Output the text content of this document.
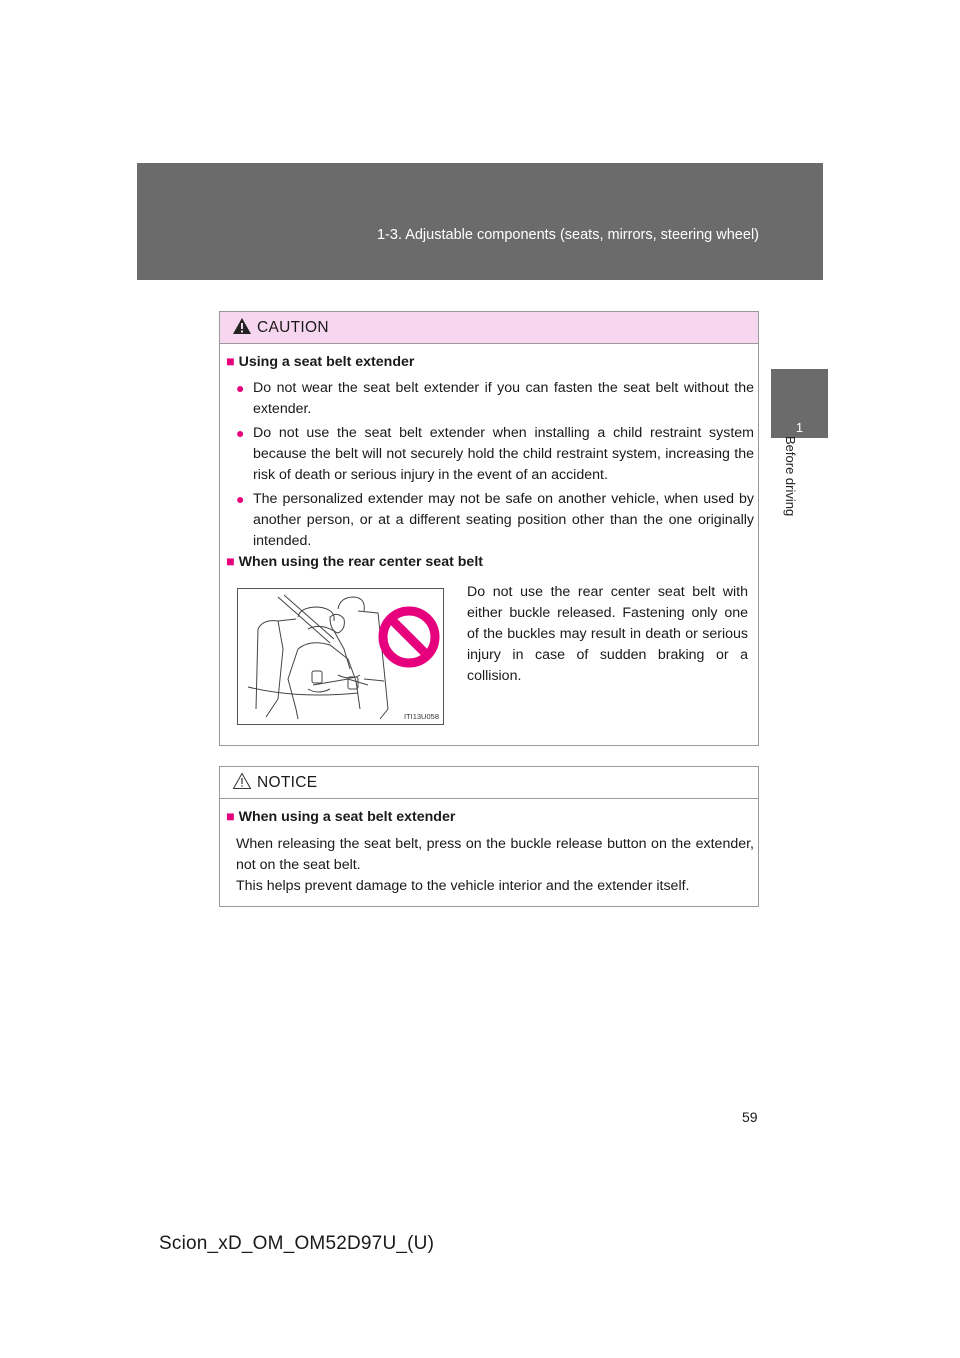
1-3. Adjustable components (seats, mirrors, steering wheel)
1
Before driving
CAUTION
■ Using a seat belt extender
● Do not wear the seat belt extender if you can fasten the seat belt without the extender.
● Do not use the seat belt extender when installing a child restraint system because the belt will not securely hold the child restraint system, increasing the risk of death or serious injury in the event of an accident.
● The personalized extender may not be safe on another vehicle, when used by another person, or at a different seating position other than the one originally intended.
■ When using the rear center seat belt
ITI13U058
Do not use the rear center seat belt with either buckle released. Fastening only one of the buckles may result in death or serious injury in case of sudden braking or a collision.
NOTICE
■ When using a seat belt extender
When releasing the seat belt, press on the buckle release button on the extender, not on the seat belt.
This helps prevent damage to the vehicle interior and the extender itself.
59
Scion_xD_OM_OM52D97U_(U)
